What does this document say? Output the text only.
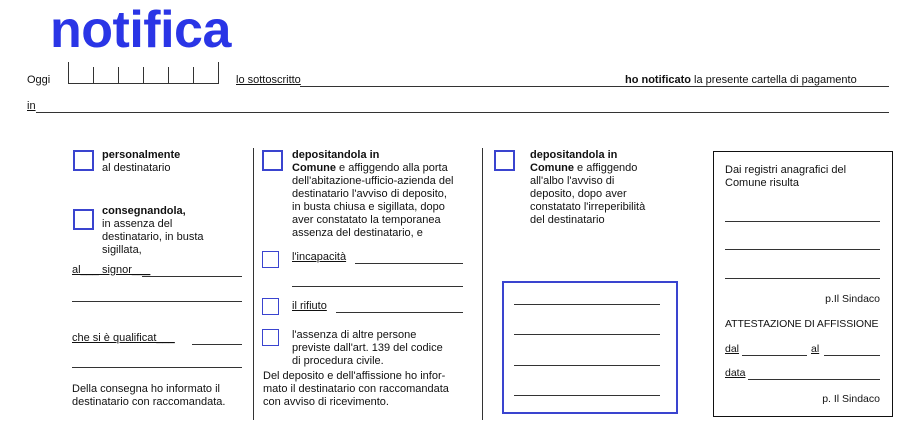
notifica
Oggi	lo sottoscritto	ho notificato la presente cartella di pagamento
in
personalmente
al destinatario
consegnandola,
in assenza del
destinatario, in busta
sigillata,
al___ signor___
che si è qualificat___
Della consegna ho informato il
destinatario con raccomandata.
depositandola in
Comune e affiggendo alla porta
dell'abitazione-ufficio-azienda del
destinatario l'avviso di deposito,
in busta chiusa e sigillata, dopo
aver constatato la temporanea
assenza del destinatario, e
l'incapacità
il rifiuto
l'assenza di altre persone
previste dall'art. 139 del codice
di procedura civile.
Del deposito e dell'affissione ho infor-
mato il destinatario con raccomandata
con avviso di ricevimento.
depositandola in
Comune e affiggendo
all'albo l'avviso di
deposito, dopo aver
constatato l'irreperibilità
del destinatario
Dai registri anagrafici del
Comune risulta
p.Il Sindaco
ATTESTAZIONE DI AFFISSIONE
dal	al
data
p. Il Sindaco
